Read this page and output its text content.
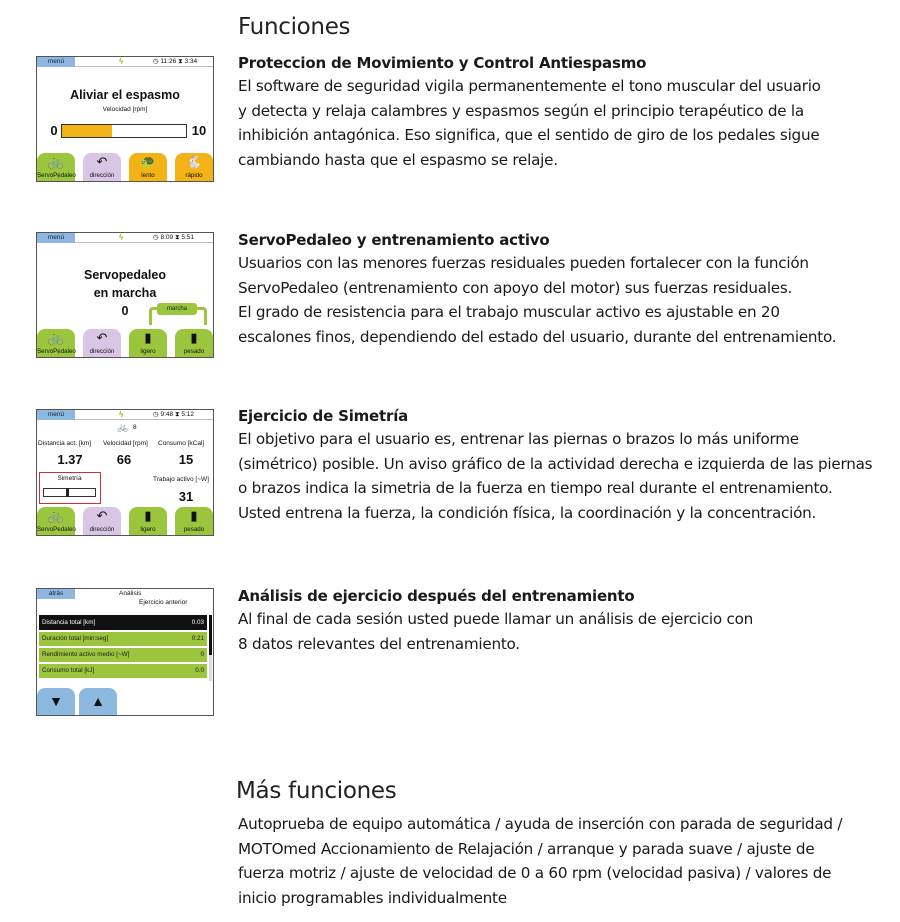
Funciones
Proteccion de Movimiento y Control Antiespasmo

El software de seguridad vigila permanentemente el tono muscular del usuario
y detecta y relaja calambres y espasmos según el principio terapéutico de la
inhibición antagónica. Eso significa, que el sentido de giro de los pedales sigue
cambiando hasta que el espasmo se relaje.

ServoPedaleo y entrenamiento activo

Usuarios con las menores fuerzas residuales pueden fortalecer con la función
ServoPedaleo (entrenamiento con apoyo del motor) sus fuerzas residuales.
El grado de resistencia para el trabajo muscular activo es ajustable en 20
escalones finos, dependiendo del estado del usuario, durante del entrenamiento.

Ejercicio de Simetría

El objetivo para el usuario es, entrenar las piernas o brazos lo más uniforme
(simétrico) posible. Un aviso gráfico de la actividad derecha e izquierda de las piernas
o brazos indica la simetria de la fuerza en tiempo real durante el entrenamiento.
Usted entrena la fuerza, la condición física, la coordinación y la concentración.

Análisis de ejercicio después del entrenamiento

Al final de cada sesión usted puede llamar un análisis de ejercicio con
8 datos relevantes del entrenamiento.

Más funciones

Autoprueba de equipo automática / ayuda de inserción con parada de seguridad /
MOTOmed Accionamiento de Relajación / arranque y parada suave / ajuste de
fuerza motriz / ajuste de velocidad de 0 a 60 rpm (velocidad pasiva) / valores de
inicio programables individualmente

menú	ϟ	◷ 11:26 ⧗ 3:34
Aliviar el espasmo
Velocidad [rpm]
0	10
🚲
ServoPedaleo
↶
dirección
🐢
lento
🐇
rápido
menú	ϟ	◷ 8:09 ⧗ 5:51
Servopedaleo
en marcha
0	marcha
🚲
ServoPedaleo
↶
dirección
▮
ligero
▮
pesado
menú	ϟ	◷ 9:48 ⧗ 5:12
🚲 8
Distancia act. [km] Velocidad [rpm] Consumo [kCal]
1.37	66	15
Simetría	Trabajo activo [~W]
31
🚲
ServoPedaleo
↶
dirección
▮
ligero
▮
pesado
atrás	Análisis
Ejercicio anterior
Distancia total [km]	0.03
Duración total [min:seg]	0:21
Rendimiento activo medio [~W]	0
Consumo total [kJ]	0.0
▼	▲
